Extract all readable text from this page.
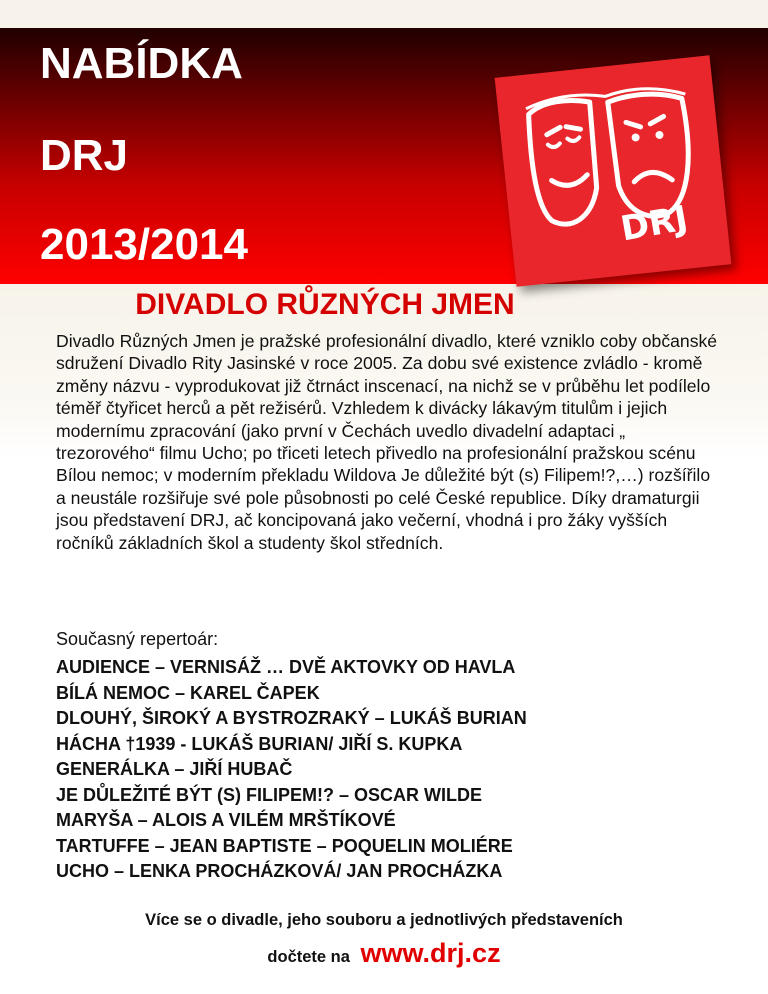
NABÍDKA
DRJ
2013/2014	DRJ
DIVADLO RŮZNÝCH JMEN

Divadlo Různých Jmen je pražské profesionální divadlo, které vzniklo coby občanské sdružení Divadlo Rity Jasinské v roce 2005. Za dobu své existence zvládlo - kromě změny názvu - vyprodukovat již čtrnáct inscenací, na nichž se v průběhu let podílelo téměř čtyřicet herců a pět režisérů. Vzhledem k divácky lákavým titulům i jejich modernímu zpracování (jako první v Čechách uvedlo divadelní adaptaci „ trezorového“ filmu Ucho; po třiceti letech přivedlo na profesionální pražskou scénu Bílou nemoc; v moderním překladu Wildova Je důležité být (s) Filipem!?,…) rozšířilo a neustále rozšiřuje své pole působnosti po celé České republice. Díky dramaturgii jsou představení DRJ, ač koncipovaná jako večerní, vhodná i pro žáky vyšších ročníků základních škol a studenty škol středních.

Současný repertoár:

AUDIENCE – VERNISÁŽ … DVĚ AKTOVKY OD HAVLA
BÍLÁ NEMOC – KAREL ČAPEK
DLOUHÝ, ŠIROKÝ A BYSTROZRAKÝ – LUKÁŠ BURIAN
HÁCHA †1939 - LUKÁŠ BURIAN/ JIŘÍ S. KUPKA
GENERÁLKA – JIŘÍ HUBAČ
JE DŮLEŽITÉ BÝT (S) FILIPEM!? – OSCAR WILDE
MARYŠA – ALOIS A VILÉM MRŠTÍKOVÉ
TARTUFFE – JEAN BAPTISTE – POQUELIN MOLIÉRE
UCHO – LENKA PROCHÁZKOVÁ/ JAN PROCHÁZKA

Více se o divadle, jeho souboru a jednotlivých představeních

dočtete na www.drj.cz
